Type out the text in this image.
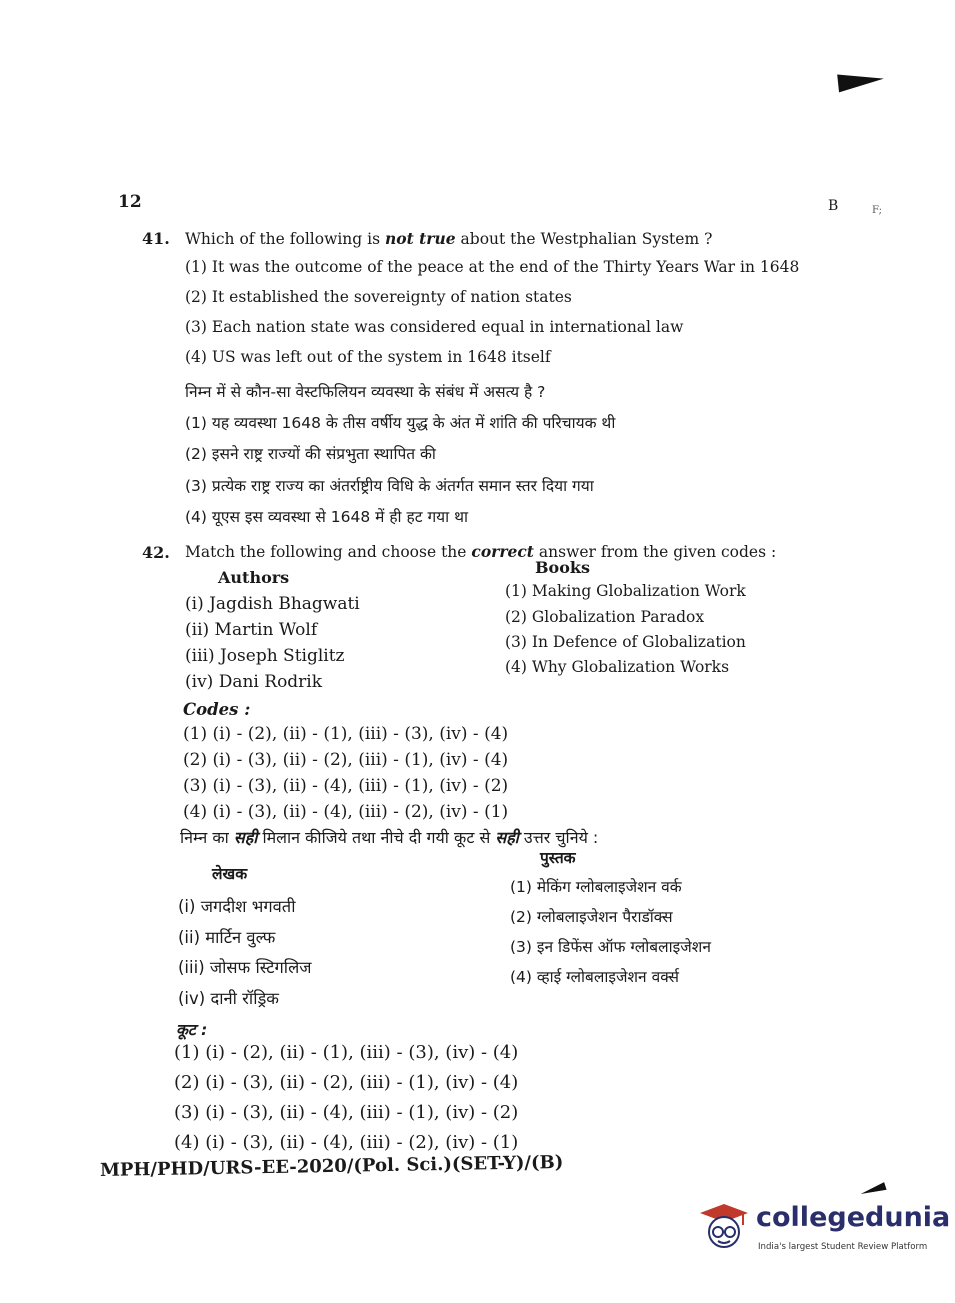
12	B	F;
41. Which of the following is not true about the Westphalian System ?
(1) It was the outcome of the peace at the end of the Thirty Years War in 1648
(2) It established the sovereignty of nation states
(3) Each nation state was considered equal in international law
(4) US was left out of the system in 1648 itself
निम्न में से कौन-सा वेस्टफिलियन व्यवस्था के संबंध में असत्य है ?
(1) यह व्यवस्था 1648 के तीस वर्षीय युद्ध के अंत में शांति की परिचायक थी
(2) इसने राष्ट्र राज्यों की संप्रभुता स्थापित की
(3) प्रत्येक राष्ट्र राज्य का अंतर्राष्ट्रीय विधि के अंतर्गत समान स्तर दिया गया
(4) यूएस इस व्यवस्था से 1648 में ही हट गया था
42. Match the following and choose the correct answer from the given codes :
Authors
Books
(i) Jagdish Bhagwati
(ii) Martin Wolf
(iii) Joseph Stiglitz
(iv) Dani Rodrik
(1) Making Globalization Work
(2) Globalization Paradox
(3) In Defence of Globalization
(4) Why Globalization Works
Codes :
(1) (i) - (2), (ii) - (1), (iii) - (3), (iv) - (4)
(2) (i) - (3), (ii) - (2), (iii) - (1), (iv) - (4)
(3) (i) - (3), (ii) - (4), (iii) - (1), (iv) - (2)
(4) (i) - (3), (ii) - (4), (iii) - (2), (iv) - (1)
निम्न का सही मिलान कीजिये तथा नीचे दी गयी कूट से सही उत्तर चुनिये :
लेखक
पुस्तक
(i) जगदीश भगवती
(ii) मार्टिन वुल्फ
(iii) जोसफ स्टिगलिज
(iv) दानी रॉड्रिक
(1) मेकिंग ग्लोबलाइजेशन वर्क
(2) ग्लोबलाइजेशन पैराडॉक्स
(3) इन डिफेंस ऑफ ग्लोबलाइजेशन
(4) व्हाई ग्लोबलाइजेशन वर्क्स
कूट :
(1) (i) - (2), (ii) - (1), (iii) - (3), (iv) - (4)
(2) (i) - (3), (ii) - (2), (iii) - (1), (iv) - (4)
(3) (i) - (3), (ii) - (4), (iii) - (1), (iv) - (2)
(4) (i) - (3), (ii) - (4), (iii) - (2), (iv) - (1)
MPH/PHD/URS-EE-2020/(Pol. Sci.)(SET-Y)/(B)
collegedunia
India's largest Student Review Platform
